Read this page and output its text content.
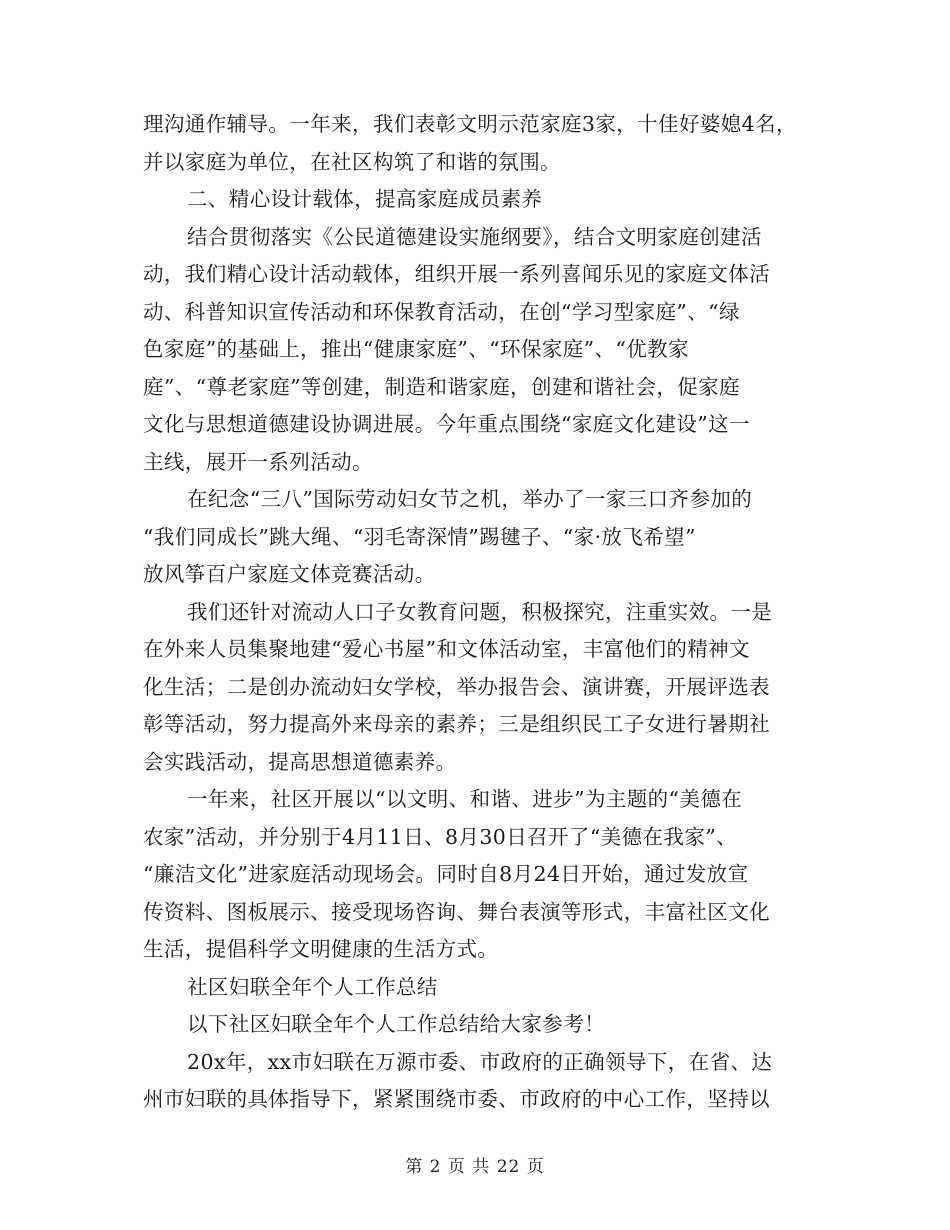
理沟通作辅导。一年来，我们表彰文明示范家庭3家，十佳好婆媳4名，
并以家庭为单位，在社区构筑了和谐的氛围。
二、精心设计载体，提高家庭成员素养
结合贯彻落实《公民道德建设实施纲要》，结合文明家庭创建活
动，我们精心设计活动载体，组织开展一系列喜闻乐见的家庭文体活
动、科普知识宣传活动和环保教育活动，在创“学习型家庭”、“绿
色家庭”的基础上，推出“健康家庭”、“环保家庭”、“优教家
庭”、“尊老家庭”等创建，制造和谐家庭，创建和谐社会，促家庭
文化与思想道德建设协调进展。今年重点围绕“家庭文化建设”这一
主线，展开一系列活动。
在纪念“三八”国际劳动妇女节之机，举办了一家三口齐参加的
“我们同成长”跳大绳、“羽毛寄深情”踢毽子、“家·放飞希望”
放风筝百户家庭文体竞赛活动。
我们还针对流动人口子女教育问题，积极探究，注重实效。一是
在外来人员集聚地建“爱心书屋”和文体活动室，丰富他们的精神文
化生活；二是创办流动妇女学校，举办报告会、演讲赛，开展评选表
彰等活动，努力提高外来母亲的素养；三是组织民工子女进行暑期社
会实践活动，提高思想道德素养。
一年来，社区开展以“以文明、和谐、进步”为主题的“美德在
农家”活动，并分别于4月11日、8月30日召开了“美德在我家”、
“廉洁文化”进家庭活动现场会。同时自8月24日开始，通过发放宣
传资料、图板展示、接受现场咨询、舞台表演等形式，丰富社区文化
生活，提倡科学文明健康的生活方式。
社区妇联全年个人工作总结
以下社区妇联全年个人工作总结给大家参考！
20x年，xx市妇联在万源市委、市政府的正确领导下，在省、达
州市妇联的具体指导下，紧紧围绕市委、市政府的中心工作，坚持以
第 2 页 共 22 页
